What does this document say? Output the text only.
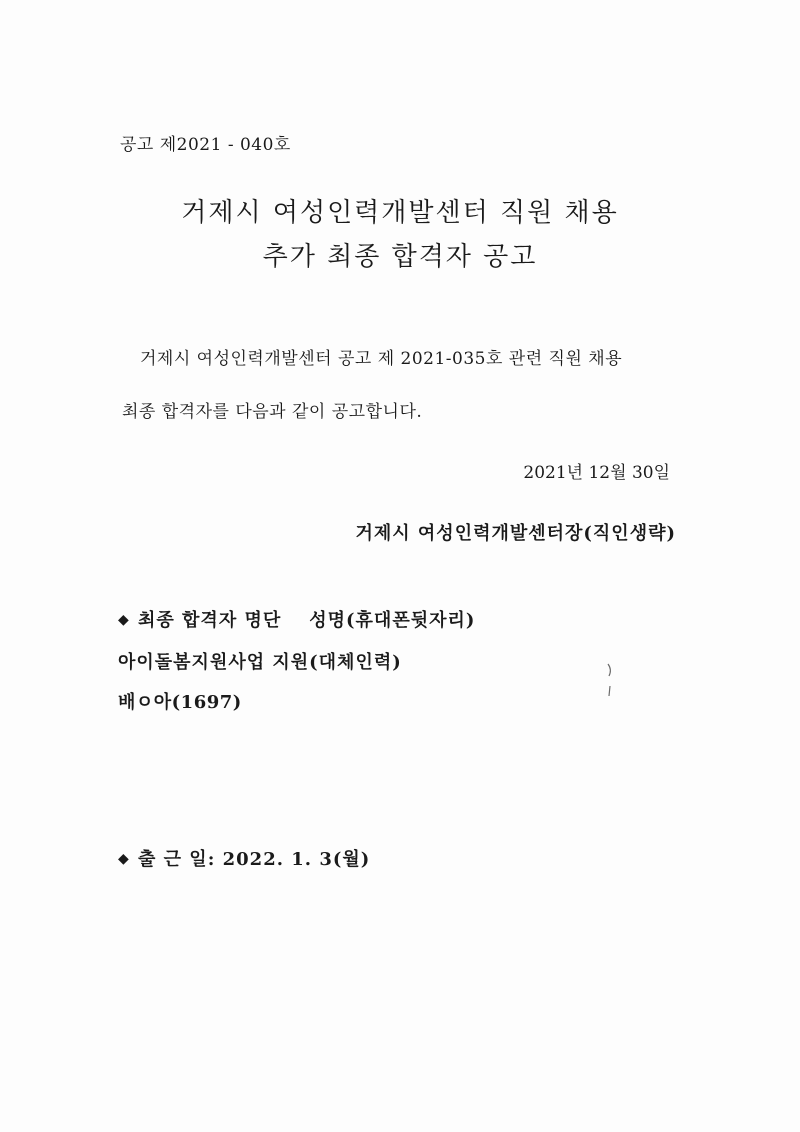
공고 제2021 - 040호
거제시 여성인력개발센터 직원 채용
추가 최종 합격자 공고
거제시 여성인력개발센터 공고 제 2021-035호 관련 직원 채용
최종 합격자를 다음과 같이 공고합니다.
2021년 12월 30일
거제시 여성인력개발센터장(직인생략)
◆ 최종 합격자 명단 성명(휴대폰뒷자리)
아이돌봄지원사업 지원(대체인력)
배ㅇ아(1697)
◆ 출 근 일: 2022. 1. 3(월)
